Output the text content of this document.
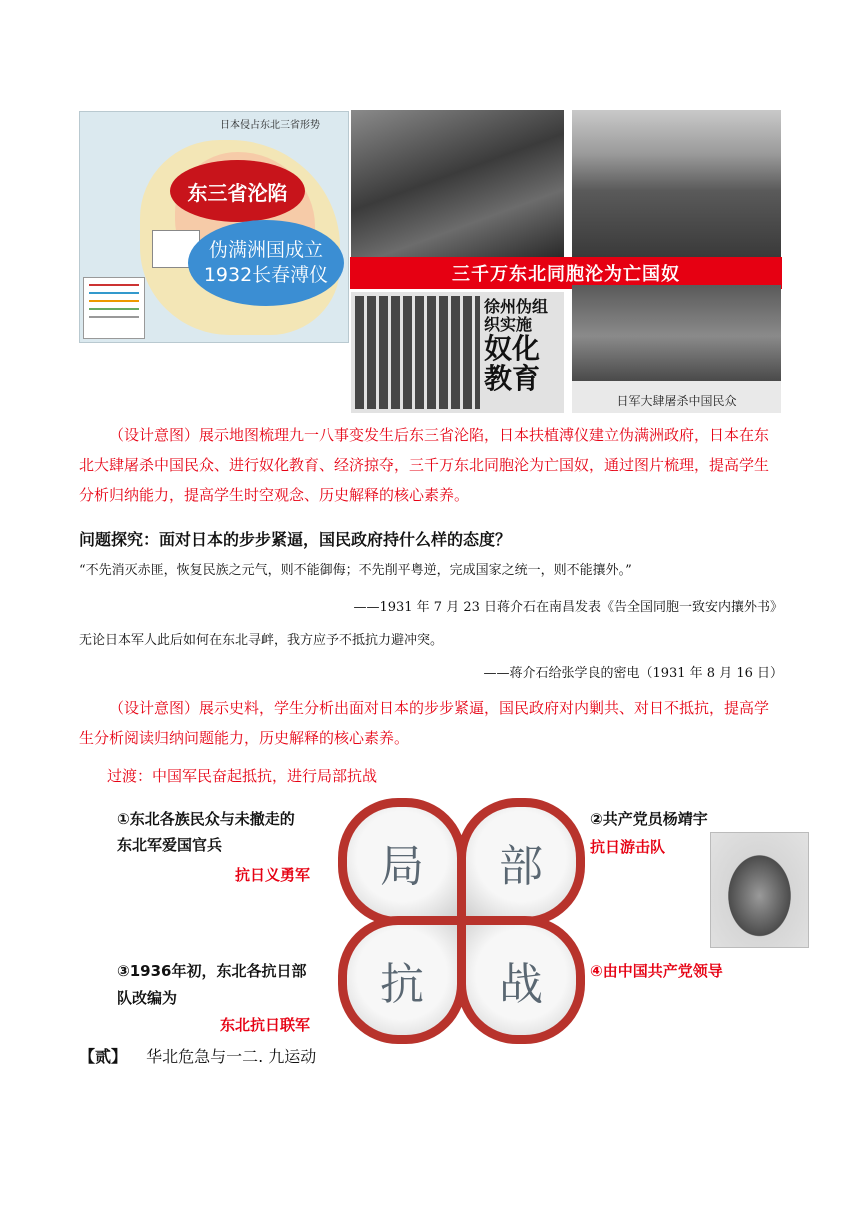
日本侵占东北三省形势
东三省沦陷
伪满洲国成立
1932长春溥仪	三千万东北同胞沦为亡国奴
徐州伪组织实施
奴化教育
日军大肆屠杀中国民众
（设计意图）展示地图梳理九一八事变发生后东三省沦陷，日本扶植溥仪建立伪满洲政府，日本在东北大肆屠杀中国民众、进行奴化教育、经济掠夺，三千万东北同胞沦为亡国奴，通过图片梳理，提高学生分析归纳能力，提高学生时空观念、历史解释的核心素养。
问题探究：面对日本的步步紧逼，国民政府持什么样的态度？
“不先消灭赤匪，恢复民族之元气，则不能御侮；不先削平粤逆，完成国家之统一，则不能攘外。”
——1931 年 7 月 23 日蒋介石在南昌发表《告全国同胞一致安内攘外书》
无论日本军人此后如何在东北寻衅，我方应予不抵抗力避冲突。
——蒋介石给张学良的密电（1931 年 8 月 16 日）
（设计意图）展示史料，学生分析出面对日本的步步紧逼，国民政府对内剿共、对日不抵抗，提高学生分析阅读归纳问题能力，历史解释的核心素养。
过渡：中国军民奋起抵抗，进行局部抗战
局	部
抗	战
①东北各族民众与未撤走的
东北军爱国官兵
抗日义勇军
②共产党员杨靖宇
抗日游击队
③1936年初，东北各抗日部
队改编为
东北抗日联军
④由中国共产党领导
【贰】 华北危急与一二. 九运动
